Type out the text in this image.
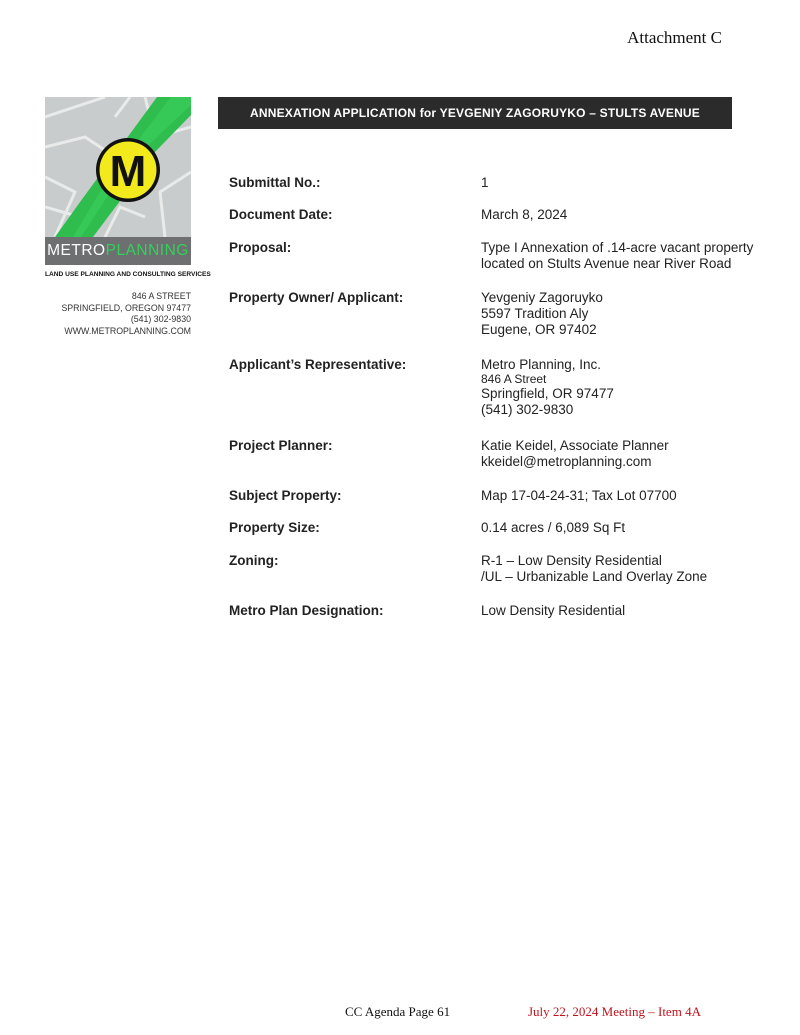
Attachment C
M
METRO PLANNING
LAND USE PLANNING AND CONSULTING SERVICES
846 A STREET
SPRINGFIELD, OREGON 97477
(541) 302-9830
WWW.METROPLANNING.COM
ANNEXATION APPLICATION for YEVGENIY ZAGORUYKO – STULTS AVENUE
Submittal No.:	1
Document Date:	March 8, 2024
Proposal:	Type I Annexation of .14-acre vacant property
located on Stults Avenue near River Road
Property Owner/ Applicant:	Yevgeniy Zagoruyko
5597 Tradition Aly
Eugene, OR 97402
Applicant’s Representative:	Metro Planning, Inc.
846 A Street
Springfield, OR 97477
(541) 302-9830
Project Planner:	Katie Keidel, Associate Planner
kkeidel@metroplanning.com
Subject Property:	Map 17-04-24-31; Tax Lot 07700
Property Size:	0.14 acres / 6,089 Sq Ft
Zoning:	R-1 – Low Density Residential
/UL – Urbanizable Land Overlay Zone
Metro Plan Designation:	Low Density Residential
CC Agenda Page 61	July 22, 2024 Meeting – Item 4A
